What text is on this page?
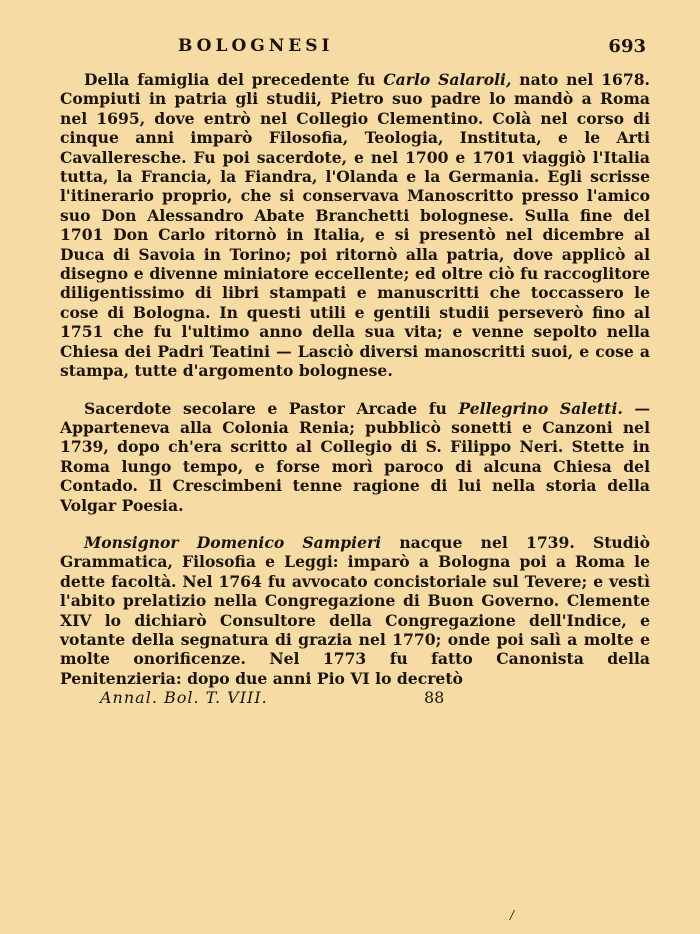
BOLOGNESI	693

Della famiglia del precedente fu Carlo Salaroli, nato nel 1678. Compiuti in patria gli studii, Pietro suo padre lo mandò a Roma nel 1695, dove entrò nel Collegio Clementino. Colà nel corso di cinque anni imparò Filosofia, Teologia, Instituta, e le Arti Cavalleresche. Fu poi sacerdote, e nel 1700 e 1701 viaggiò l'Italia tutta, la Francia, la Fiandra, l'Olanda e la Germania. Egli scrisse l'itinerario proprio, che si conservava Manoscritto presso l'amico suo Don Alessandro Abate Branchetti bolognese. Sulla fine del 1701 Don Carlo ritornò in Italia, e si presentò nel dicembre al Duca di Savoia in Torino; poi ritornò alla patria, dove applicò al disegno e divenne miniatore eccellente; ed oltre ciò fu raccoglitore diligentissimo di libri stampati e manuscritti che toccassero le cose di Bologna. In questi utili e gentili studii perseverò fino al 1751 che fu l'ultimo anno della sua vita; e venne sepolto nella Chiesa dei Padri Teatini — Lasciò diversi manoscritti suoi, e cose a stampa, tutte d'argomento bolognese.

Sacerdote secolare e Pastor Arcade fu Pellegrino Saletti. — Apparteneva alla Colonia Renia; pubblicò sonetti e Canzoni nel 1739, dopo ch'era scritto al Collegio di S. Filippo Neri. Stette in Roma lungo tempo, e forse morì paroco di alcuna Chiesa del Contado. Il Crescimbeni tenne ragione di lui nella storia della Volgar Poesia.

Monsignor Domenico Sampieri nacque nel 1739. Studiò Grammatica, Filosofia e Leggi: imparò a Bologna poi a Roma le dette facoltà. Nel 1764 fu avvocato concistoriale sul Tevere; e vestì l'abito prelatizio nella Congregazione di Buon Governo. Clemente XIV lo dichiarò Consultore della Congregazione dell'Indice, e votante della segnatura di grazia nel 1770; onde poi salì a molte e molte onorificenze. Nel 1773 fu fatto Canonista della Penitenzieria: dopo due anni Pio VI lo decretò

Annal. Bol. T. VIII.	88
/
